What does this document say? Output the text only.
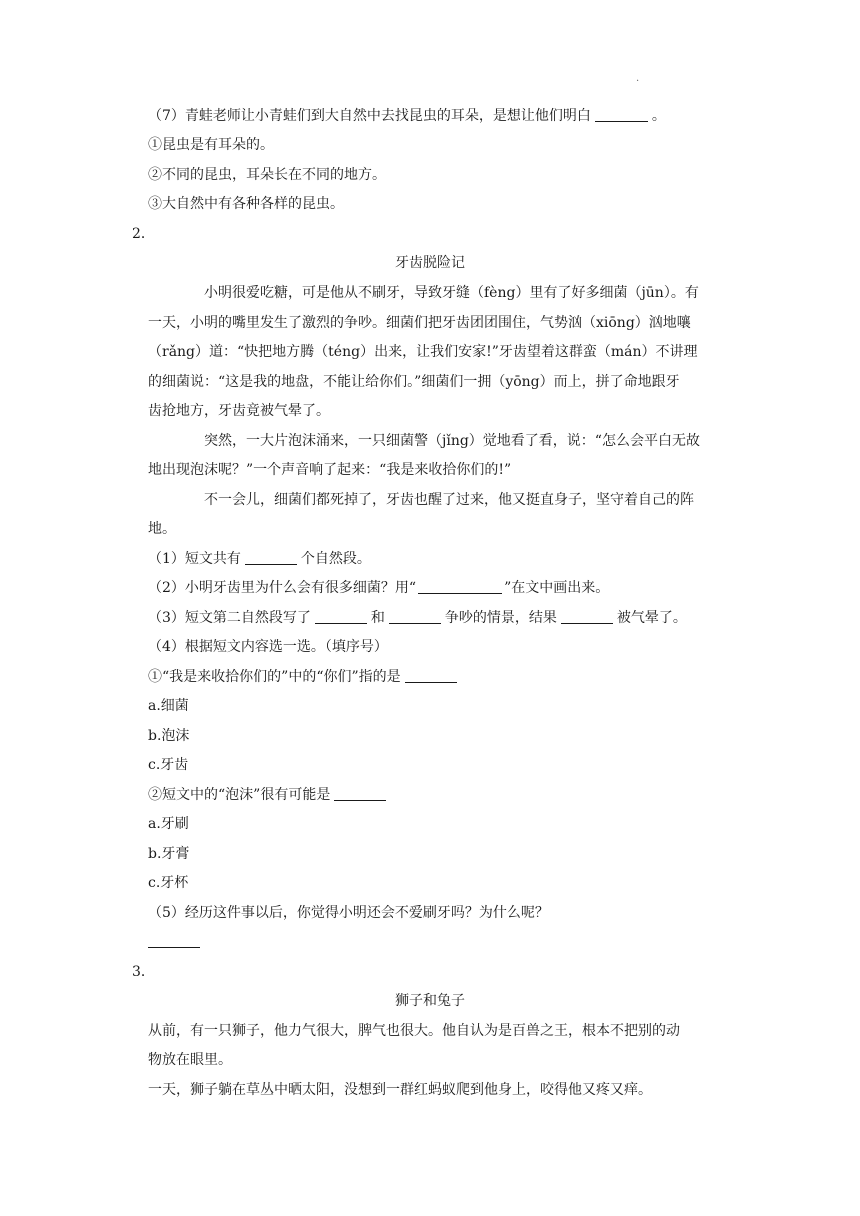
.
（7）青蛙老师让小青蛙们到大自然中去找昆虫的耳朵，是想让他们明白	。
①昆虫是有耳朵的。
②不同的昆虫，耳朵长在不同的地方。
③大自然中有各种各样的昆虫。
2．
牙齿脱险记
小明很爱吃糖，可是他从不刷牙，导致牙缝（fèng）里有了好多细菌（jūn）。有
一天，小明的嘴里发生了激烈的争吵。细菌们把牙齿团团围住，气势汹（xiōng）汹地嚷
（rǎng）道：“快把地方腾（téng）出来，让我们安家!”牙齿望着这群蛮（mán）不讲理
的细菌说：“这是我的地盘，不能让给你们。”细菌们一拥（yōng）而上，拼了命地跟牙
齿抢地方，牙齿竟被气晕了。
突然，一大片泡沫涌来，一只细菌警（jǐng）觉地看了看，说：“怎么会平白无故
地出现泡沫呢？”一个声音响了起来：“我是来收拾你们的!”
不一会儿，细菌们都死掉了，牙齿也醒了过来，他又挺直身子，坚守着自己的阵
地。
（1）短文共有	个自然段。
（2）小明牙齿里为什么会有很多细菌？用“	”在文中画出来。
（3）短文第二自然段写了	和	争吵的情景，结果	被气晕了。
（4）根据短文内容选一选。（填序号）
①“我是来收拾你们的”中的“你们”指的是
a.细菌
b.泡沫
c.牙齿
②短文中的“泡沫”很有可能是
a.牙刷
b.牙膏
c.牙杯
（5）经历这件事以后，你觉得小明还会不爱刷牙吗？为什么呢？
3．
狮子和兔子
从前，有一只狮子，他力气很大，脾气也很大。他自认为是百兽之王，根本不把别的动
物放在眼里。
一天，狮子躺在草丛中晒太阳，没想到一群红蚂蚁爬到他身上，咬得他又疼又痒。
